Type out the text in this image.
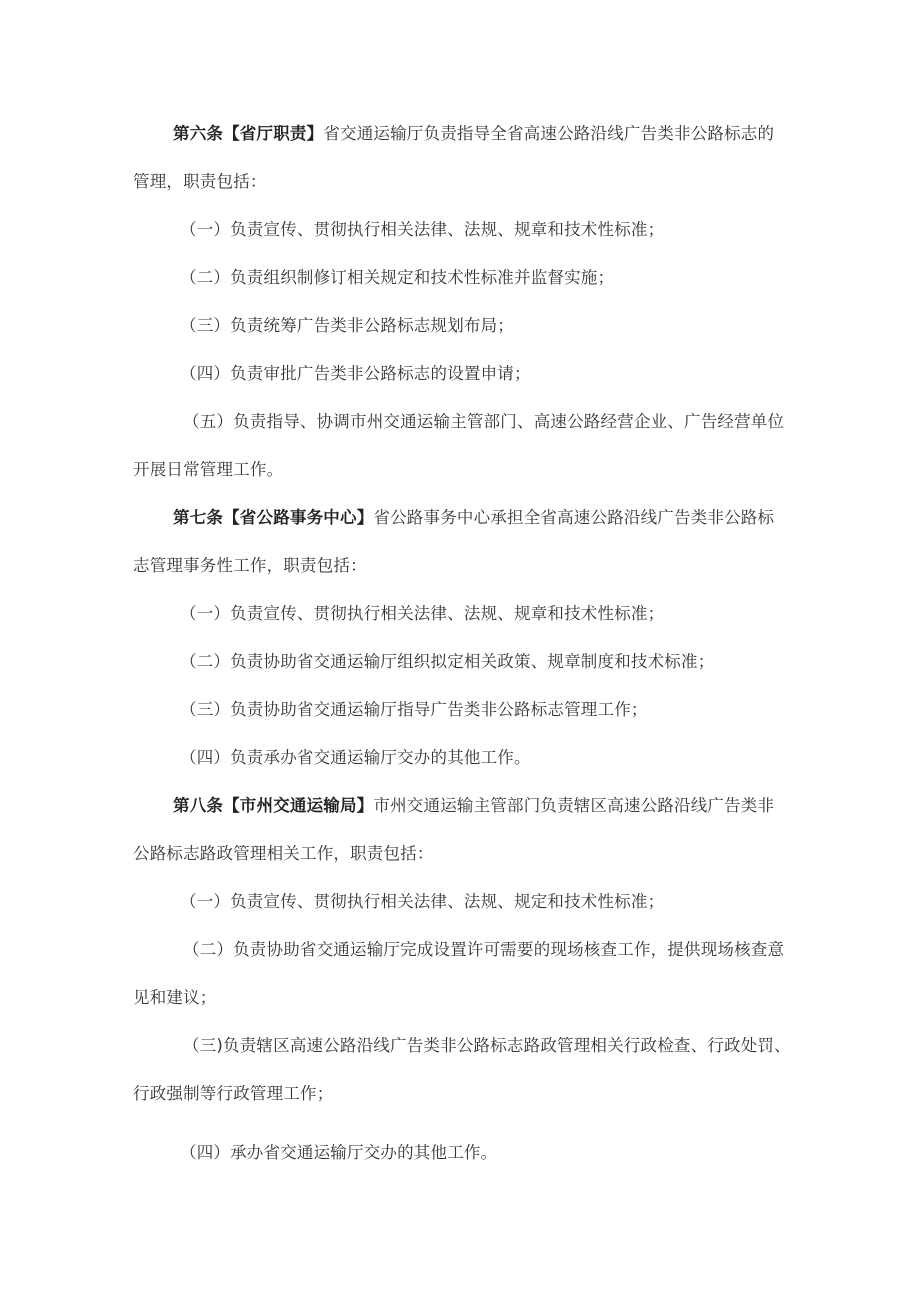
第六条【省厅职责】省交通运输厅负责指导全省高速公路沿线广告类非公路标志的
管理，职责包括：
（一）负责宣传、贯彻执行相关法律、法规、规章和技术性标准；
（二）负责组织制修订相关规定和技术性标准并监督实施；
（三）负责统筹广告类非公路标志规划布局；
（四）负责审批广告类非公路标志的设置申请；
（五）负责指导、协调市州交通运输主管部门、高速公路经营企业、广告经营单位
开展日常管理工作。
第七条【省公路事务中心】省公路事务中心承担全省高速公路沿线广告类非公路标
志管理事务性工作，职责包括：
（一）负责宣传、贯彻执行相关法律、法规、规章和技术性标准；
（二）负责协助省交通运输厅组织拟定相关政策、规章制度和技术标准；
（三）负责协助省交通运输厅指导广告类非公路标志管理工作；
（四）负责承办省交通运输厅交办的其他工作。
第八条【市州交通运输局】市州交通运输主管部门负责辖区高速公路沿线广告类非
公路标志路政管理相关工作，职责包括：
（一）负责宣传、贯彻执行相关法律、法规、规定和技术性标准；
（二）负责协助省交通运输厅完成设置许可需要的现场核查工作，提供现场核查意
见和建议；
（三)负责辖区高速公路沿线广告类非公路标志路政管理相关行政检查、行政处罚、
行政强制等行政管理工作；
（四）承办省交通运输厅交办的其他工作。
